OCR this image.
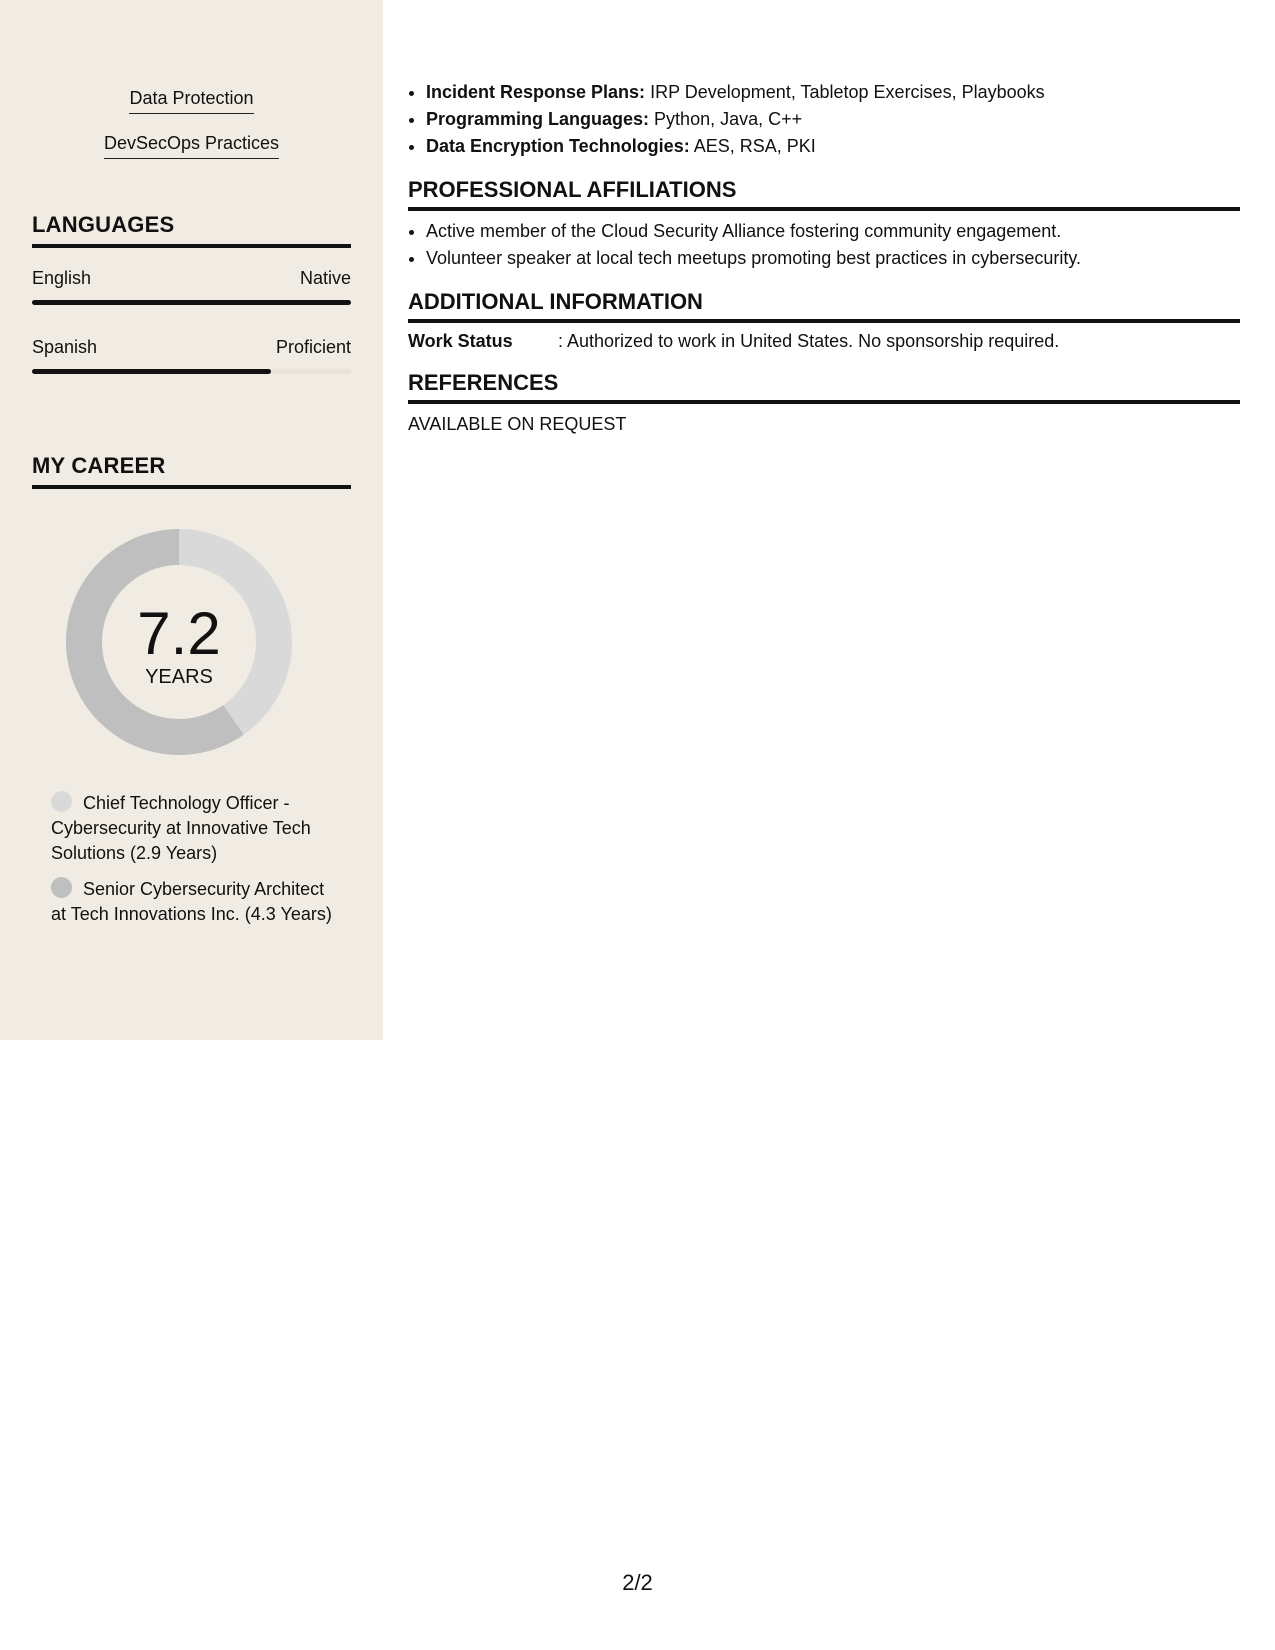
Data Protection
DevSecOps Practices
LANGUAGES
English	Native
Spanish	Proficient
MY CAREER
7.2
YEARS
Chief Technology Officer - Cybersecurity at Innovative Tech Solutions (2.9 Years)
Senior Cybersecurity Architect at Tech Innovations Inc. (4.3 Years)
• Incident Response Plans: IRP Development, Tabletop Exercises, Playbooks
• Programming Languages: Python, Java, C++
• Data Encryption Technologies: AES, RSA, PKI
PROFESSIONAL AFFILIATIONS
• Active member of the Cloud Security Alliance fostering community engagement.
• Volunteer speaker at local tech meetups promoting best practices in cybersecurity.
ADDITIONAL INFORMATION
Work Status	: Authorized to work in United States. No sponsorship required.
REFERENCES
AVAILABLE ON REQUEST
2/2
